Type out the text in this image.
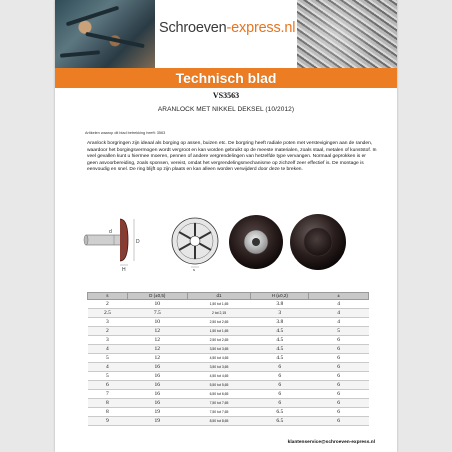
Schroeven-express.nl
Technisch blad
VS3563
ARANLOCK MET NIKKEL DEKSEL (10/2012)
Artikelen waarop dit blad betrekking heeft: 3563
Aranlock borgringen zijn ideaal als borging op assen, buizen etc. De borgring heeft radiale poten met verstevigingen aan de randen, waardoor het borgingsvermogen wordt vergroot en kan worden gebruikt op de meeste materialen, zoals staal, metalen of kunststof. In veel gevallen kunt u hiermee moeren, pennen of andere vergrendelingen van hetzelfde type vervangen. Normaal geprokken is er geen asvoorbereiding, zoals sponsen, vereist, omdat het vergrendelingsmechanisme op zichzelf zeer effectief is. De montage is eenvoudig en snel. De ring blijft op zijn plaats en kan alleen worden verwijderd door deze te breken.
D
d
H	s
s	D (±0,5)	d1	H (±0,2)	±
2	10	1,50 tot 1,65	3.8	4
2.5	7.5	2 tot 2,15	3	4
3	10	2,50 tot 2,65	3.8	4
2	12	1,50 tot 1,65	4.5	5
3	12	2,50 tot 2,65	4.5	6
4	12	3,50 tot 3,65	4.5	6
5	12	4,50 tot 4,65	4.5	6
4	16	3,50 tot 3,65	6	6
5	16	4,50 tot 4,65	6	6
6	16	5,50 tot 5,65	6	6
7	16	6,50 tot 6,65	6	6
8	16	7,50 tot 7,65	6	6
8	19	7,50 tot 7,65	6.5	6
9	19	8,50 tot 8,65	6.5	6
klantenservice@schroeven-express.nl
